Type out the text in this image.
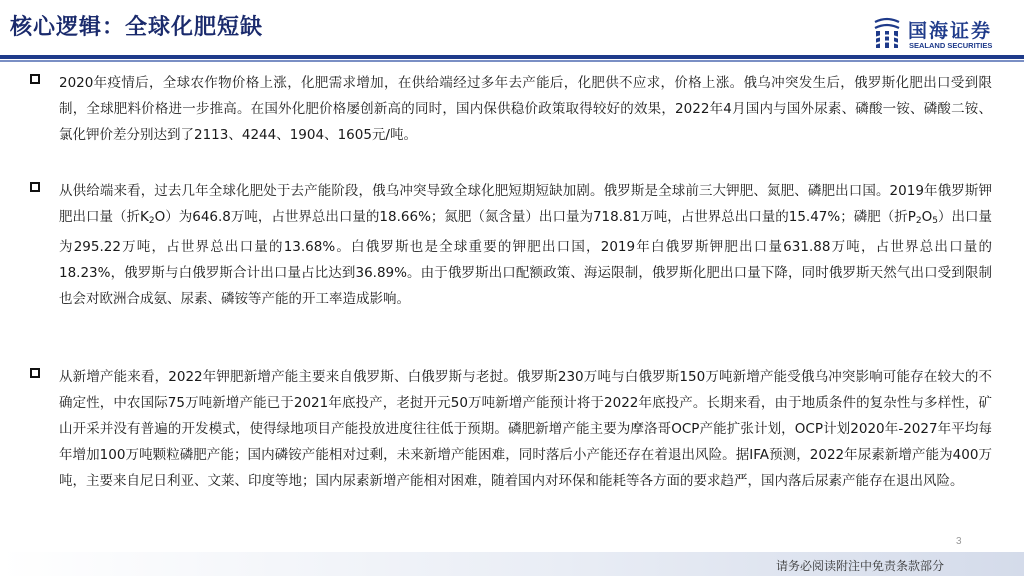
核心逻辑：全球化肥短缺	国海证券
SEALAND SECURITIES

2020年疫情后，全球农作物价格上涨，化肥需求增加，在供给端经过多年去产能后，化肥供不应求，价格上涨。俄乌冲突发生后，俄罗斯化肥出口受到限制，全球肥料价格进一步推高。在国外化肥价格屡创新高的同时，国内保供稳价政策取得较好的效果，2022年4月国内与国外尿素、磷酸一铵、磷酸二铵、氯化钾价差分别达到了2113、4244、1904、1605元/吨。

从供给端来看，过去几年全球化肥处于去产能阶段，俄乌冲突导致全球化肥短期短缺加剧。俄罗斯是全球前三大钾肥、氮肥、磷肥出口国。2019年俄罗斯钾肥出口量（折$K_2O$）为646.8万吨，占世界总出口量的18.66%；氮肥（氮含量）出口量为718.81万吨，占世界总出口量的15.47%；磷肥（折$P_2O_5$）出口量为295.22万吨，占世界总出口量的13.68%。白俄罗斯也是全球重要的钾肥出口国，2019年白俄罗斯钾肥出口量631.88万吨，占世界总出口量的18.23%，俄罗斯与白俄罗斯合计出口量占比达到36.89%。由于俄罗斯出口配额政策、海运限制，俄罗斯化肥出口量下降，同时俄罗斯天然气出口受到限制也会对欧洲合成氨、尿素、磷铵等产能的开工率造成影响。

从新增产能来看，2022年钾肥新增产能主要来自俄罗斯、白俄罗斯与老挝。俄罗斯230万吨与白俄罗斯150万吨新增产能受俄乌冲突影响可能存在较大的不确定性，中农国际75万吨新增产能已于2021年底投产，老挝开元50万吨新增产能预计将于2022年底投产。长期来看，由于地质条件的复杂性与多样性，矿山开采并没有普遍的开发模式，使得绿地项目产能投放进度往往低于预期。磷肥新增产能主要为摩洛哥OCP产能扩张计划，OCP计划2020年-2027年平均每年增加100万吨颗粒磷肥产能；国内磷铵产能相对过剩，未来新增产能困难，同时落后小产能还存在着退出风险。据IFA预测，2022年尿素新增产能为400万吨，主要来自尼日利亚、文莱、印度等地；国内尿素新增产能相对困难，随着国内对环保和能耗等各方面的要求趋严，国内落后尿素产能存在退出风险。

3
请务必阅读附注中免责条款部分
